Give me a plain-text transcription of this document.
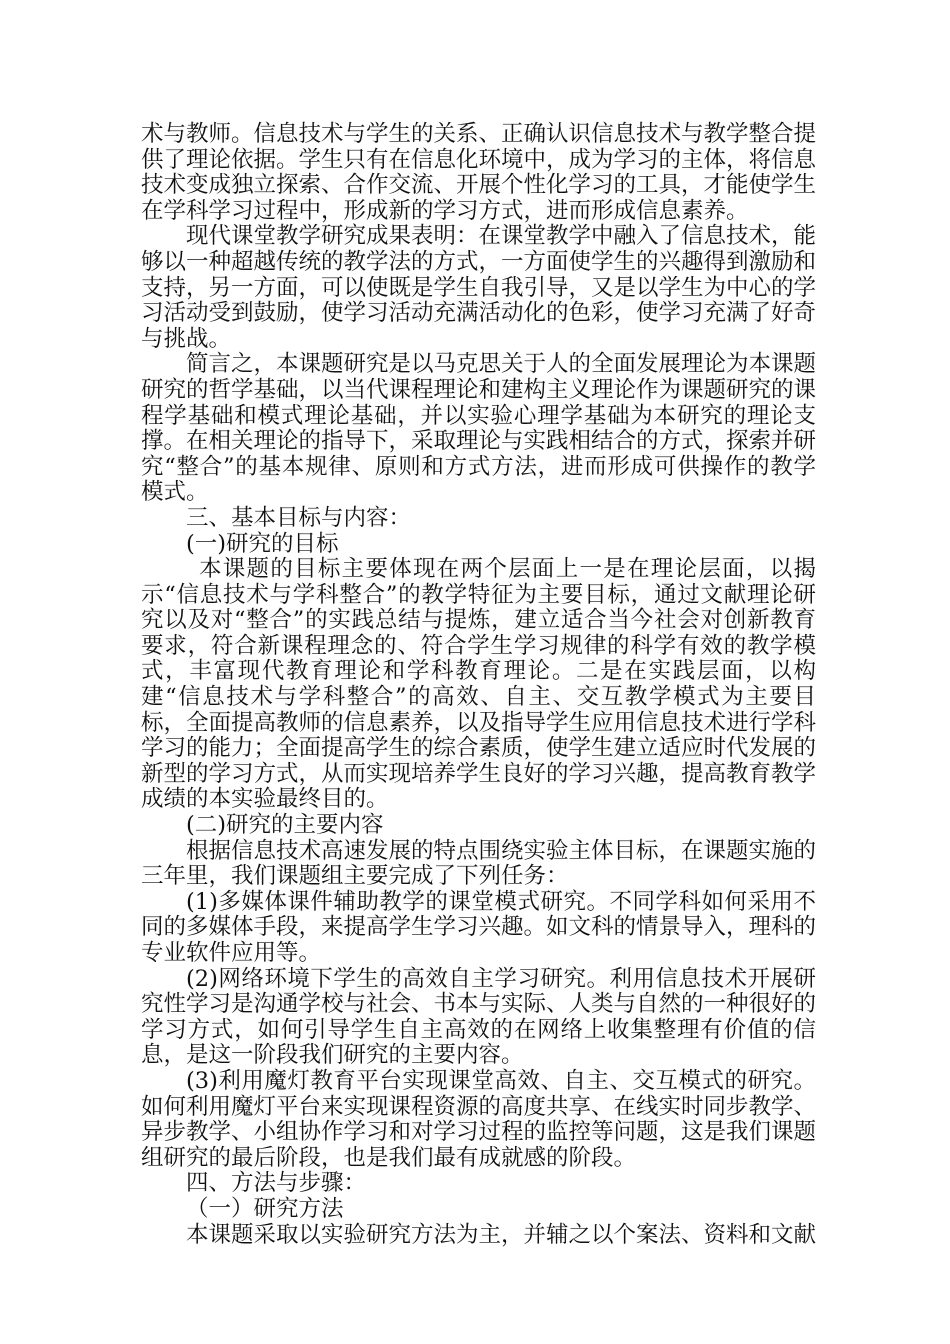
术与教师。信息技术与学生的关系、正确认识信息技术与教学整合提供了理论依据。学生只有在信息化环境中，成为学习的主体，将信息技术变成独立探索、合作交流、开展个性化学习的工具，才能使学生在学科学习过程中，形成新的学习方式，进而形成信息素养。

现代课堂教学研究成果表明：在课堂教学中融入了信息技术，能够以一种超越传统的教学法的方式，一方面使学生的兴趣得到激励和支持，另一方面，可以使既是学生自我引导，又是以学生为中心的学习活动受到鼓励，使学习活动充满活动化的色彩，使学习充满了好奇与挑战。

简言之，本课题研究是以马克思关于人的全面发展理论为本课题研究的哲学基础，以当代课程理论和建构主义理论作为课题研究的课程学基础和模式理论基础，并以实验心理学基础为本研究的理论支撑。在相关理论的指导下，采取理论与实践相结合的方式，探索并研究“整合”的基本规律、原则和方式方法，进而形成可供操作的教学模式。

三、基本目标与内容：

(一)研究的目标

本课题的目标主要体现在两个层面上一是在理论层面，以揭示“信息技术与学科整合”的教学特征为主要目标，通过文献理论研究以及对“整合”的实践总结与提炼，建立适合当今社会对创新教育要求，符合新课程理念的、符合学生学习规律的科学有效的教学模式，丰富现代教育理论和学科教育理论。二是在实践层面，以构建“信息技术与学科整合”的高效、自主、交互教学模式为主要目标，全面提高教师的信息素养，以及指导学生应用信息技术进行学科学习的能力；全面提高学生的综合素质，使学生建立适应时代发展的新型的学习方式，从而实现培养学生良好的学习兴趣，提高教育教学成绩的本实验最终目的。

(二)研究的主要内容

根据信息技术高速发展的特点围绕实验主体目标，在课题实施的三年里，我们课题组主要完成了下列任务：

(1)多媒体课件辅助教学的课堂模式研究。不同学科如何采用不同的多媒体手段，来提高学生学习兴趣。如文科的情景导入，理科的专业软件应用等。

(2)网络环境下学生的高效自主学习研究。利用信息技术开展研究性学习是沟通学校与社会、书本与实际、人类与自然的一种很好的学习方式，如何引导学生自主高效的在网络上收集整理有价值的信息，是这一阶段我们研究的主要内容。

(3)利用魔灯教育平台实现课堂高效、自主、交互模式的研究。如何利用魔灯平台来实现课程资源的高度共享、在线实时同步教学、异步教学、小组协作学习和对学习过程的监控等问题，这是我们课题组研究的最后阶段，也是我们最有成就感的阶段。

四、方法与步骤：

（一）研究方法

本课题采取以实验研究方法为主，并辅之以个案法、资料和文献
